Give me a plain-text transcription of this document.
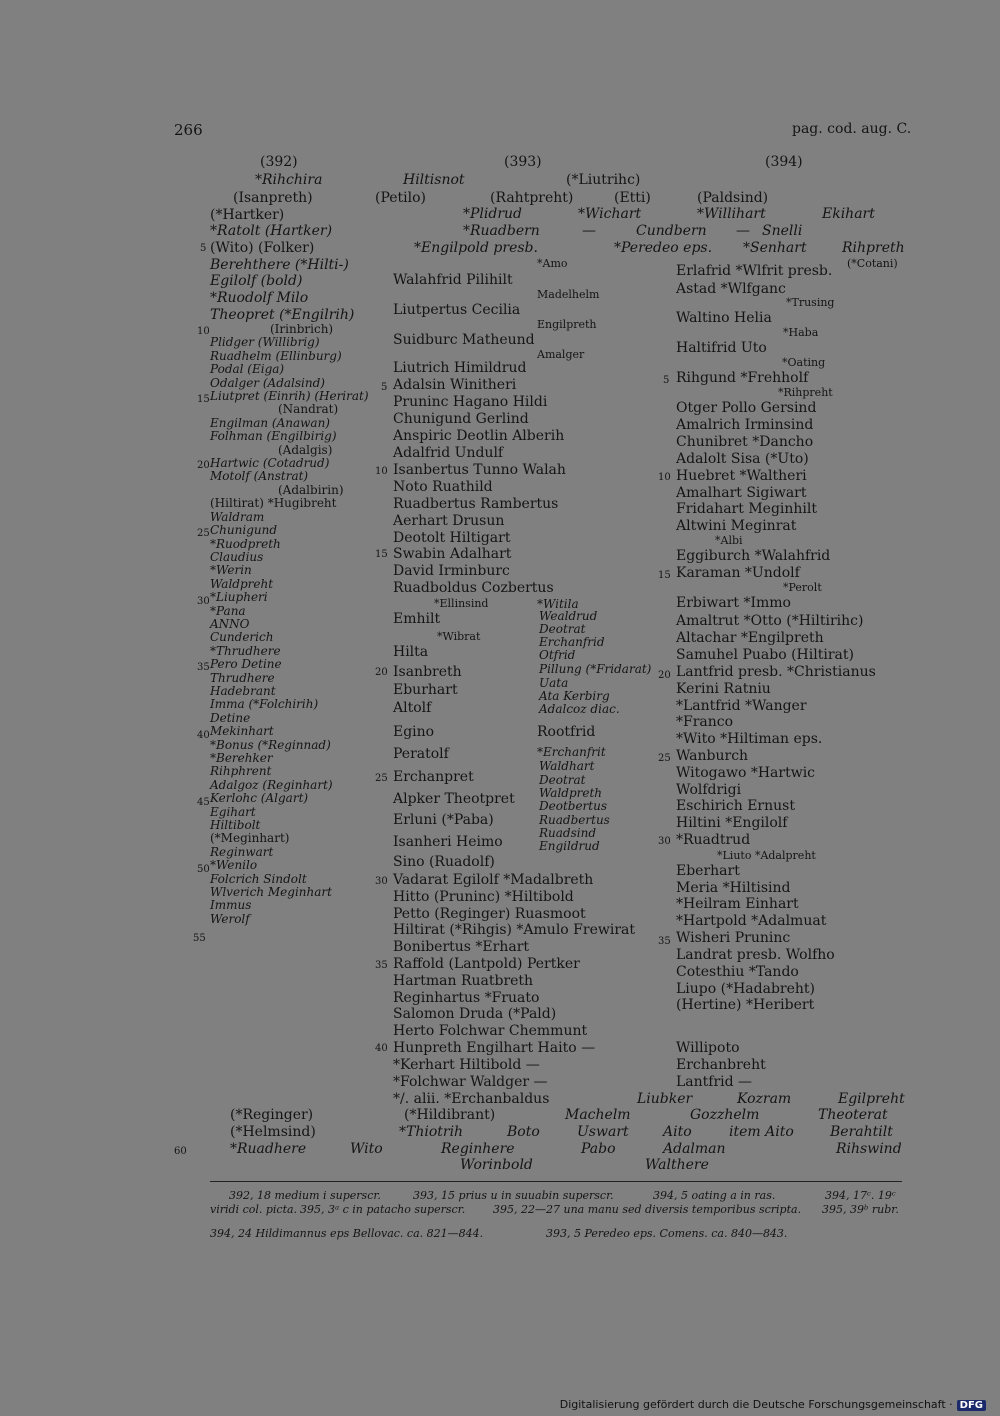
266	pag. cod. aug. C.
(392)	(393)	(394)
5
10
15
20
25
30
35
40
45
50
55
60
*Rihchira
(Isanpreth)
(*Hartker)
*Ratolt (Hartker)
(Wito) (Folker)
Berehthere (*Hilti-)
Egilolf (bold)
*Ruodolf Milo
Theopret (*Engilrih)
(Irinbrich)
Plidger (Willibrig)
Ruadhelm (Ellinburg)
Podal (Eiga)
Odalger (Adalsind)
Liutpret (Einrih) (Herirat)
(Nandrat)
Engilman (Anawan)
Folhman (Engilbirig)
(Adalgis)
Hartwic (Cotadrud)
Motolf (Anstrat)
(Adalbirin)
(Hiltirat) *Hugibreht
Waldram
Chunigund
*Ruodpreth
Claudius
*Werin
Waldpreht
*Liupheri
*Pana
ANNO
Cunderich
*Thrudhere
Pero Detine
Thrudhere
Hadebrant
Imma (*Folchirih)
Detine
Mekinhart
*Bonus (*Reginnad)
*Berehker
Rihphrent
Adalgoz (Reginhart)
Kerlohc (Algart)
Egihart
Hiltibolt
(*Meginhart)
Reginwart
*Wenilo
Folcrich Sindolt
Wlverich Meginhart
Immus
Werolf
Hiltisnot	(*Liutrihc)
(Petilo)	(Rahtpreht)	(Etti)
*Plidrud	*Wichart
*Ruadbern	—
*Engilpold presb.	*Peredeo eps.
*Amo
Walahfrid Pilihilt
Madelhelm
Liutpertus Cecilia
Engilpreth
Suidburc Matheund
Amalger
5
10
15
20
25
30
35
40
Liutrich Himildrud
Adalsin Winitheri
Pruninc Hagano Hildi
Chunigund Gerlind
Anspiric Deotlin Alberih
Adalfrid Undulf
Isanbertus Tunno Walah
Noto Ruathild
Ruadbertus Rambertus
Aerhart Drusun
Deotolt Hiltigart
Swabin Adalhart
David Irminburc
Ruadboldus Cozbertus
*Ellinsind
Emhilt
*Wibrat
Hilta
Isanbreth
Eburhart
Altolf
Egino
Peratolf
Erchanpret
Alpker Theotpret
Erluni (*Paba)
Isanheri Heimo
Sino (Ruadolf)
*Witila
Wealdrud
Deotrat
Erchanfrid
Otfrid
Pillung (*Fridarat)
Uata
Ata Kerbirg
Adalcoz diac.
Rootfrid
*Erchanfrit
Waldhart
Deotrat
Waldpreth
Deotbertus
Ruadbertus
Ruadsind
Engildrud
Vadarat Egilolf *Madalbreth
Hitto (Pruninc) *Hiltibold
Petto (Reginger) Ruasmoot
Hiltirat (*Rihgis) *Amulo Frewirat
Bonibertus *Erhart
Raffold (Lantpold) Pertker
Hartman Ruatbreth
Reginhartus *Fruato
Salomon Druda (*Pald)
Herto Folchwar Chemmunt
Hunpreth Engilhart Haito —
*Kerhart Hiltibold —
*Folchwar Waldger —
*/. alii. *Erchanbaldus
(Paldsind)
*Willihart	Ekihart
Cundbern — Snelli
*Senhart	Rihpreth
(*Cotani)
5
10
15
20
25
30
35
Erlafrid *Wlfrit presb.
Astad *Wlfganc
*Trusing
Waltino Helia
*Haba
Haltifrid Uto
*Oating
Rihgund *Frehholf
*Rihpreht
Otger Pollo Gersind
Amalrich Irminsind
Chunibret *Dancho
Adalolt Sisa (*Uto)
Huebret *Waltheri
Amalhart Sigiwart
Fridahart Meginhilt
Altwini Meginrat
*Albi
Eggiburch *Walahfrid
Karaman *Undolf
*Perolt
Erbiwart *Immo
Amaltrut *Otto (*Hiltirihc)
Altachar *Engilpreth
Samuhel Puabo (Hiltirat)
Lantfrid presb. *Christianus
Kerini Ratniu
*Lantfrid *Wanger
*Franco
*Wito *Hiltiman eps.
Wanburch
Witogawo *Hartwic
Wolfdrigi
Eschirich Ernust
Hiltini *Engilolf
*Ruadtrud
*Liuto *Adalpreht
Eberhart
Meria *Hiltisind
*Heilram Einhart
*Hartpold *Adalmuat
Wisheri Pruninc
Landrat presb. Wolfho
Cotesthiu *Tando
Liupo (*Hadabreht)
(Hertine) *Heribert
Willipoto
Erchanbreht
Lantfrid —
Liubker	Kozram	Egilpreht
(*Reginger)	(*Hildibrant)	Machelm	Gozzhelm	Theoterat
(*Helmsind)	*Thiotrih	Boto	Uswart Aito	item Aito	Berahtilt
*Ruadhere	Wito	Reginhere	Pabo	Adalman	Rihswind
Worinbold	Walthere
392, 18 medium i superscr.	393, 15 prius u in suuabin superscr.	394, 5 oating a in ras.	394, 17ᶜ. 19ᶜ
viridi col. picta. 395, 3ᵃ c in patacho superscr.	395, 22—27 una manu sed diversis temporibus scripta. 395, 39ᵇ rubr.
394, 24 Hildimannus eps Bellovac. ca. 821—844.	393, 5 Peredeo eps. Comens. ca. 840—843.
Digitalisierung gefördert durch die Deutsche Forschungsgemeinschaft · DFG
